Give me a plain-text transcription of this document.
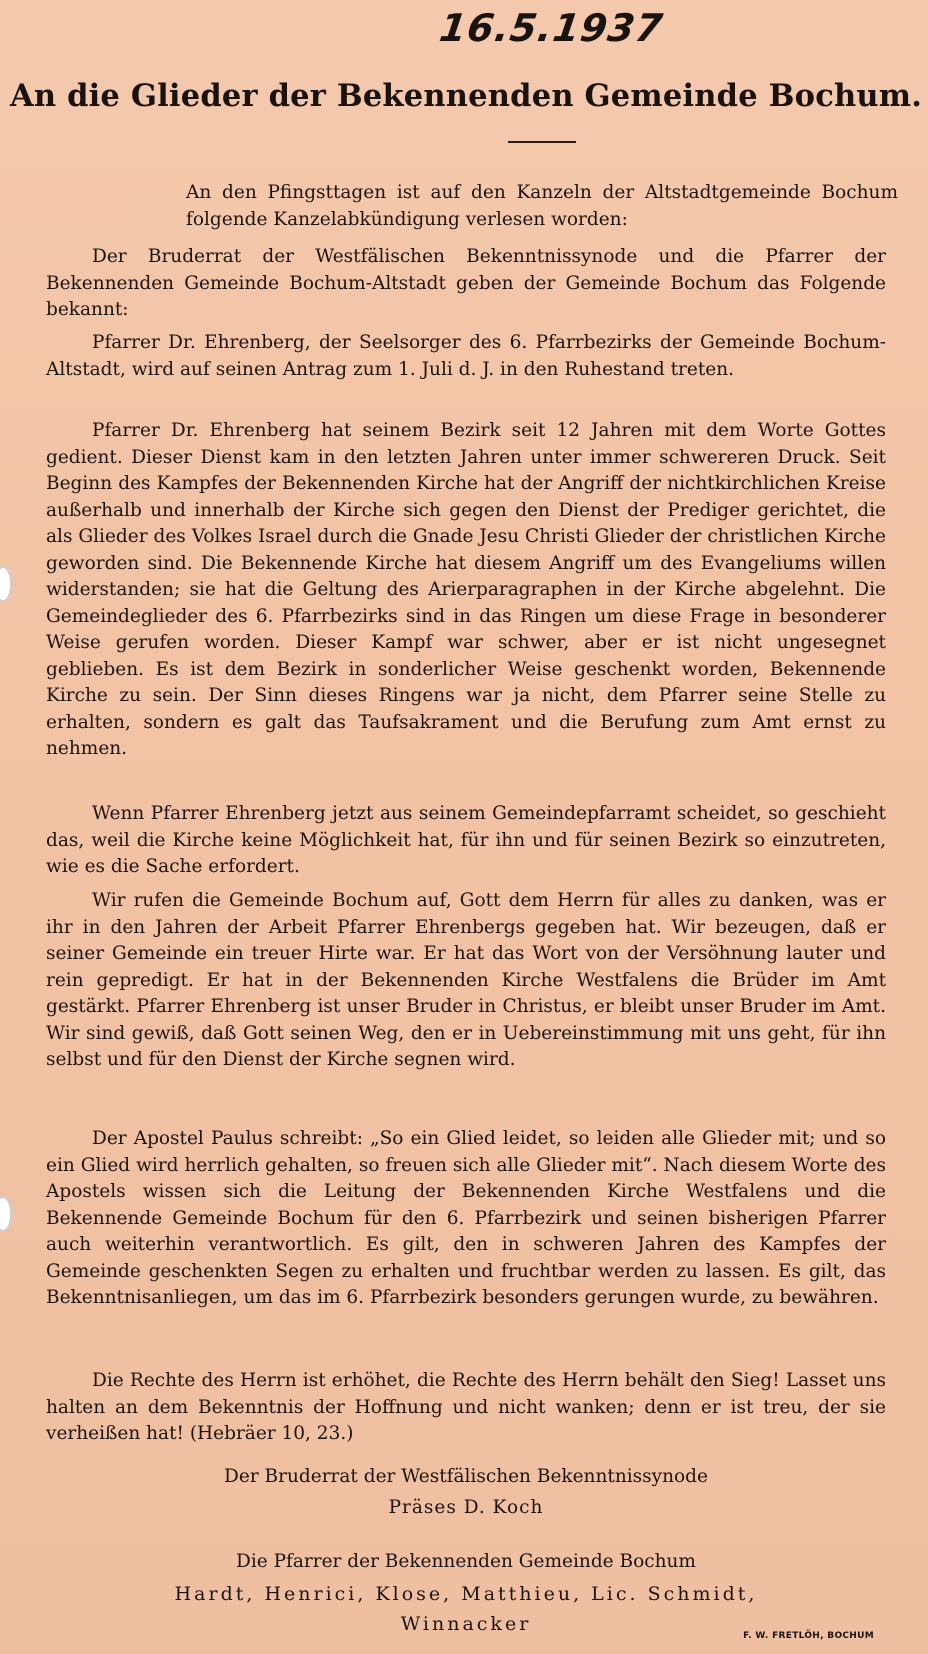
16.5.1937
An die Glieder der Bekennenden Gemeinde Bochum.
An den Pfingsttagen ist auf den Kanzeln der Altstadtgemeinde Bochum folgende Kanzelabkündigung verlesen worden:
Der Bruderrat der Westfälischen Bekenntnissynode und die Pfarrer der Bekennenden Gemeinde Bochum-Altstadt geben der Gemeinde Bochum das Folgende bekannt:
Pfarrer Dr. Ehrenberg, der Seelsorger des 6. Pfarrbezirks der Gemeinde Bochum-Altstadt, wird auf seinen Antrag zum 1. Juli d. J. in den Ruhestand treten.
Pfarrer Dr. Ehrenberg hat seinem Bezirk seit 12 Jahren mit dem Worte Gottes gedient. Dieser Dienst kam in den letzten Jahren unter immer schwereren Druck. Seit Beginn des Kampfes der Bekennenden Kirche hat der Angriff der nichtkirchlichen Kreise außerhalb und innerhalb der Kirche sich gegen den Dienst der Prediger gerichtet, die als Glieder des Volkes Israel durch die Gnade Jesu Christi Glieder der christlichen Kirche geworden sind. Die Bekennende Kirche hat diesem Angriff um des Evangeliums willen widerstanden; sie hat die Geltung des Arierparagraphen in der Kirche abgelehnt. Die Gemeindeglieder des 6. Pfarrbezirks sind in das Ringen um diese Frage in besonderer Weise gerufen worden. Dieser Kampf war schwer, aber er ist nicht ungesegnet geblieben. Es ist dem Bezirk in sonderlicher Weise geschenkt worden, Bekennende Kirche zu sein. Der Sinn dieses Ringens war ja nicht, dem Pfarrer seine Stelle zu erhalten, sondern es galt das Taufsakrament und die Berufung zum Amt ernst zu nehmen.
Wenn Pfarrer Ehrenberg jetzt aus seinem Gemeindepfarramt scheidet, so geschieht das, weil die Kirche keine Möglichkeit hat, für ihn und für seinen Bezirk so einzutreten, wie es die Sache erfordert.
Wir rufen die Gemeinde Bochum auf, Gott dem Herrn für alles zu danken, was er ihr in den Jahren der Arbeit Pfarrer Ehrenbergs gegeben hat. Wir bezeugen, daß er seiner Gemeinde ein treuer Hirte war. Er hat das Wort von der Versöhnung lauter und rein gepredigt. Er hat in der Bekennenden Kirche Westfalens die Brüder im Amt gestärkt. Pfarrer Ehrenberg ist unser Bruder in Christus, er bleibt unser Bruder im Amt. Wir sind gewiß, daß Gott seinen Weg, den er in Uebereinstimmung mit uns geht, für ihn selbst und für den Dienst der Kirche segnen wird.
Der Apostel Paulus schreibt: „So ein Glied leidet, so leiden alle Glieder mit; und so ein Glied wird herrlich gehalten, so freuen sich alle Glieder mit“. Nach diesem Worte des Apostels wissen sich die Leitung der Bekennenden Kirche Westfalens und die Bekennende Gemeinde Bochum für den 6. Pfarrbezirk und seinen bisherigen Pfarrer auch weiterhin verantwortlich. Es gilt, den in schweren Jahren des Kampfes der Gemeinde geschenkten Segen zu erhalten und fruchtbar werden zu lassen. Es gilt, das Bekenntnisanliegen, um das im 6. Pfarrbezirk besonders gerungen wurde, zu bewähren.
Die Rechte des Herrn ist erhöhet, die Rechte des Herrn behält den Sieg! Lasset uns halten an dem Bekenntnis der Hoffnung und nicht wanken; denn er ist treu, der sie verheißen hat! (Hebräer 10, 23.)
Der Bruderrat der Westfälischen Bekenntnissynode
Präses D. Koch
Die Pfarrer der Bekennenden Gemeinde Bochum
Hardt, Henrici, Klose, Matthieu, Lic. Schmidt,
Winnacker
F. W. FRETLÖH, BOCHUM
